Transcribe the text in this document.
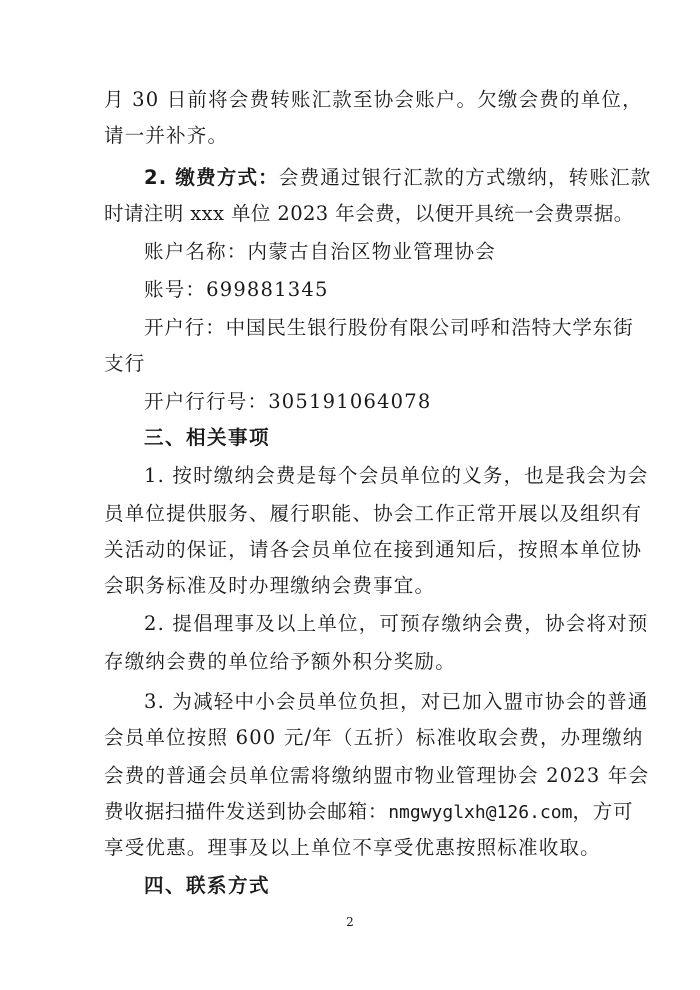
月 30 日前将会费转账汇款至协会账户。欠缴会费的单位，
请一并补齐。
2. 缴费方式：会费通过银行汇款的方式缴纳，转账汇款
时请注明 xxx 单位 2023 年会费，以便开具统一会费票据。
账户名称：内蒙古自治区物业管理协会
账号：699881345
开户行：中国民生银行股份有限公司呼和浩特大学东街
支行
开户行行号：305191064078
三、相关事项
1. 按时缴纳会费是每个会员单位的义务，也是我会为会
员单位提供服务、履行职能、协会工作正常开展以及组织有
关活动的保证，请各会员单位在接到通知后，按照本单位协
会职务标准及时办理缴纳会费事宜。
2. 提倡理事及以上单位，可预存缴纳会费，协会将对预
存缴纳会费的单位给予额外积分奖励。
3. 为减轻中小会员单位负担，对已加入盟市协会的普通
会员单位按照 600 元/年（五折）标准收取会费，办理缴纳
会费的普通会员单位需将缴纳盟市物业管理协会 2023 年会
费收据扫描件发送到协会邮箱：nmgwyglxh@126.com，方可
享受优惠。理事及以上单位不享受优惠按照标准收取。
四、联系方式
2
